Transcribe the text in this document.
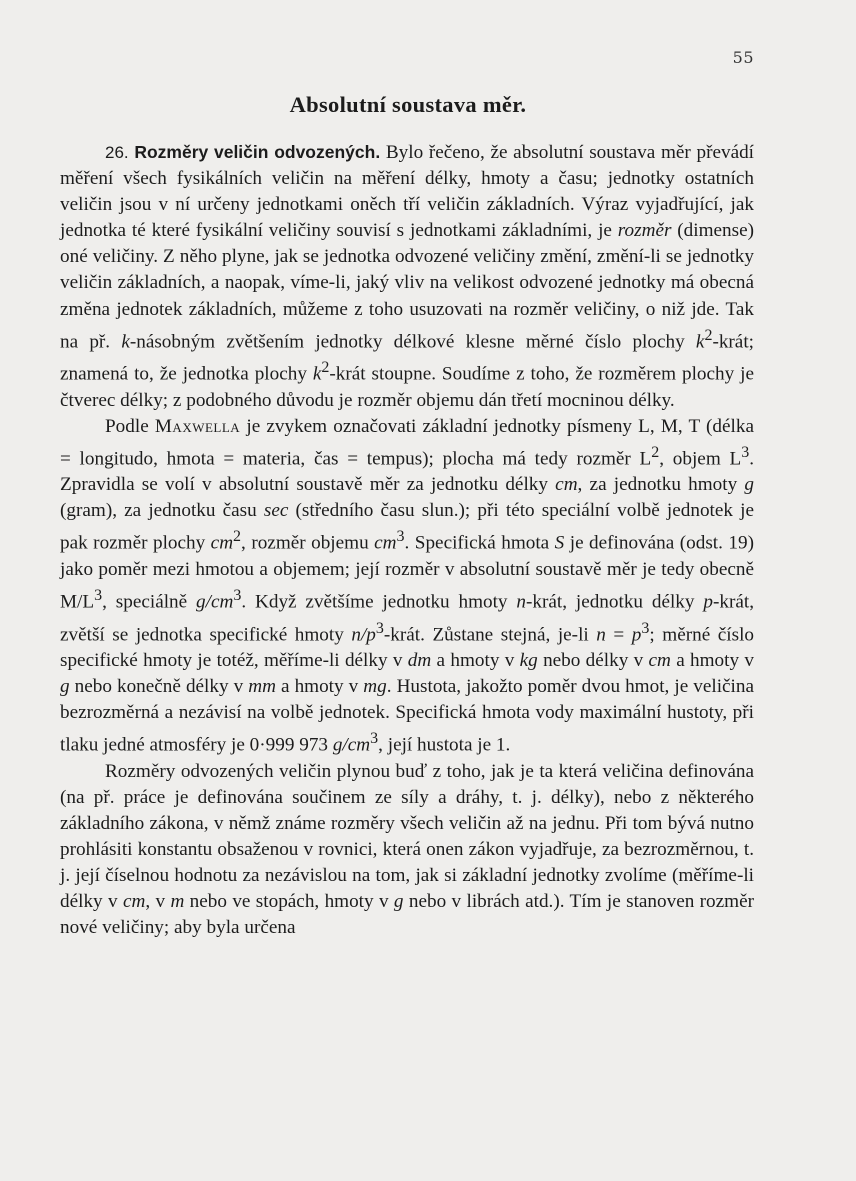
55
Absolutní soustava měr.

26. Rozměry veličin odvozených. Bylo řečeno, že absolutní soustava měr převádí měření všech fysikálních veličin na měření délky, hmoty a času; jednotky ostatních veličin jsou v ní určeny jednotkami oněch tří veličin základních. Výraz vyjadřující, jak jednotka té které fysikální veličiny souvisí s jednotkami základními, je rozměr (dimense) oné veličiny. Z něho plyne, jak se jednotka odvozené veličiny změní, změní-li se jednotky veličin základních, a naopak, víme-li, jaký vliv na velikost odvozené jednotky má obecná změna jednotek základních, můžeme z toho usuzovati na rozměr veličiny, o niž jde. Tak na př. k-násobným zvětšením jednotky délkové klesne měrné číslo plochy $k^2$-krát; znamená to, že jednotka plochy $k^2$-krát stoupne. Soudíme z toho, že rozměrem plochy je čtverec délky; z podobného důvodu je rozměr objemu dán třetí mocninou délky.

Podle Maxwella je zvykem označovati základní jednotky písmeny L, M, T (délka = longitudo, hmota = materia, čas = tempus); plocha má tedy rozměr $L^2$, objem $L^3$. Zpravidla se volí v absolutní soustavě měr za jednotku délky cm, za jednotku hmoty g (gram), za jednotku času sec (středního času slun.); při této speciální volbě jednotek je pak rozměr plochy $cm^2$, rozměr objemu $cm^3$. Specifická hmota S je definována (odst. 19) jako poměr mezi hmotou a objemem; její rozměr v absolutní soustavě měr je tedy obecně $M/L^3$, speciálně $g/cm^3$. Když zvětšíme jednotku hmoty n-krát, jednotku délky p-krát, zvětší se jednotka specifické hmoty $n/p^3$-krát. Zůstane stejná, je-li $n = p^3$; měrné číslo specifické hmoty je totéž, měříme-li délky v dm a hmoty v kg nebo délky v cm a hmoty v g nebo konečně délky v mm a hmoty v mg. Hustota, jakožto poměr dvou hmot, je veličina bezrozměrná a nezávisí na volbě jednotek. Specifická hmota vody maximální hustoty, při tlaku jedné atmosféry je 0·999 973 $g/cm^3$, její hustota je 1.

Rozměry odvozených veličin plynou buď z toho, jak je ta která veličina definována (na př. práce je definována součinem ze síly a dráhy, t. j. délky), nebo z některého základního zákona, v němž známe rozměry všech veličin až na jednu. Při tom bývá nutno prohlásiti konstantu obsaženou v rovnici, která onen zákon vyjadřuje, za bezrozměrnou, t. j. její číselnou hodnotu za nezávislou na tom, jak si základní jednotky zvolíme (měříme-li délky v cm, v m nebo ve stopách, hmoty v g nebo v librách atd.). Tím je stanoven rozměr nové veličiny; aby byla určena
